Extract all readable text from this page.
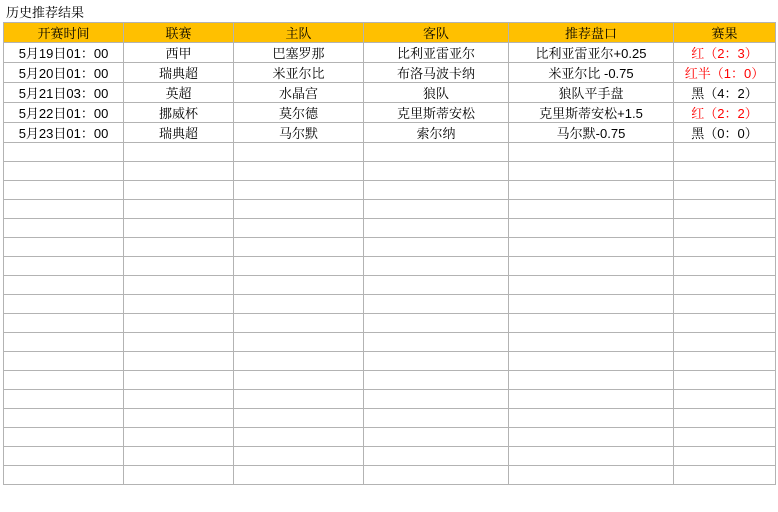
历史推荐结果
开赛时间	联赛	主队	客队	推荐盘口	赛果
5月19日01：00	西甲	巴塞罗那	比利亚雷亚尔	比利亚雷亚尔+0.25	红（2：3）
5月20日01：00	瑞典超	米亚尔比	布洛马波卡纳	米亚尔比 -0.75	红半（1：0）
5月21日03：00	英超	水晶宫	狼队	狼队平手盘	黑（4：2）
5月22日01：00	挪威杯	莫尔德	克里斯蒂安松	克里斯蒂安松+1.5	红（2：2）
5月23日01：00	瑞典超	马尔默	索尔纳	马尔默-0.75	黑（0：0）
